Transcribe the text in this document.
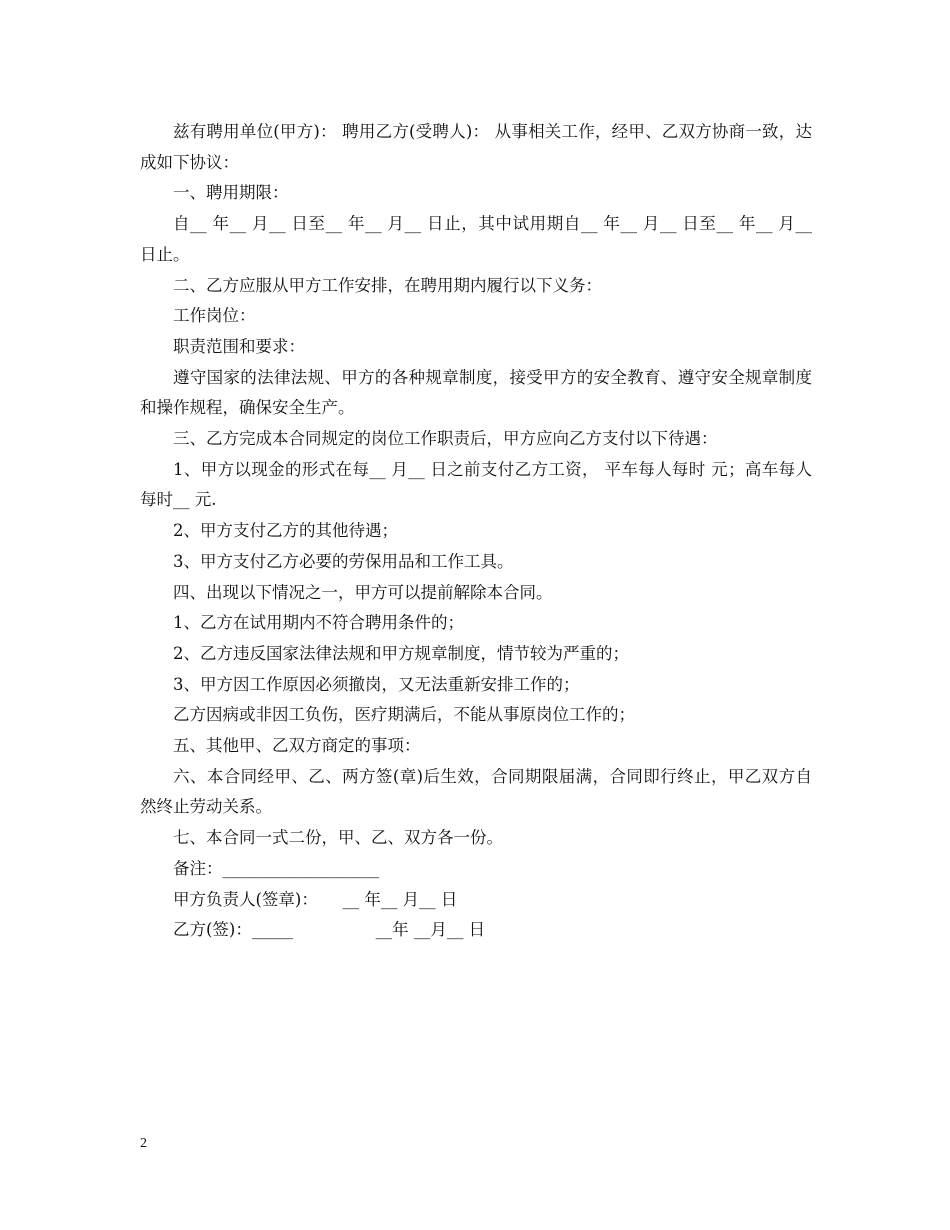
兹有聘用单位(甲方)： 聘用乙方(受聘人)： 从事相关工作，经甲、乙双方协商一致，达成如下协议：

一、聘用期限：

自__ 年__ 月__ 日至__ 年__ 月__ 日止，其中试用期自__ 年__ 月__ 日至__ 年__ 月__ 日止。

二、乙方应服从甲方工作安排，在聘用期内履行以下义务：

工作岗位：

职责范围和要求：

遵守国家的法律法规、甲方的各种规章制度，接受甲方的安全教育、遵守安全规章制度和操作规程，确保安全生产。

三、乙方完成本合同规定的岗位工作职责后，甲方应向乙方支付以下待遇：

1、甲方以现金的形式在每__ 月__ 日之前支付乙方工资， 平车每人每时 元；高车每人每时__ 元.

2、甲方支付乙方的其他待遇；

3、甲方支付乙方必要的劳保用品和工作工具。

四、出现以下情况之一，甲方可以提前解除本合同。

1、乙方在试用期内不符合聘用条件的；

2、乙方违反国家法律法规和甲方规章制度，情节较为严重的；

3、甲方因工作原因必须撤岗，又无法重新安排工作的；

乙方因病或非因工负伤，医疗期满后，不能从事原岗位工作的；

五、其他甲、乙双方商定的事项：

六、本合同经甲、乙、两方签(章)后生效，合同期限届满，合同即行终止，甲乙双方自然终止劳动关系。

七、本合同一式二份，甲、乙、双方各一份。

备注：___________________

甲方负责人(签章)：　　__ 年__ 月__ 日

乙方(签)：_____　　　　　__年 __月__ 日

2
